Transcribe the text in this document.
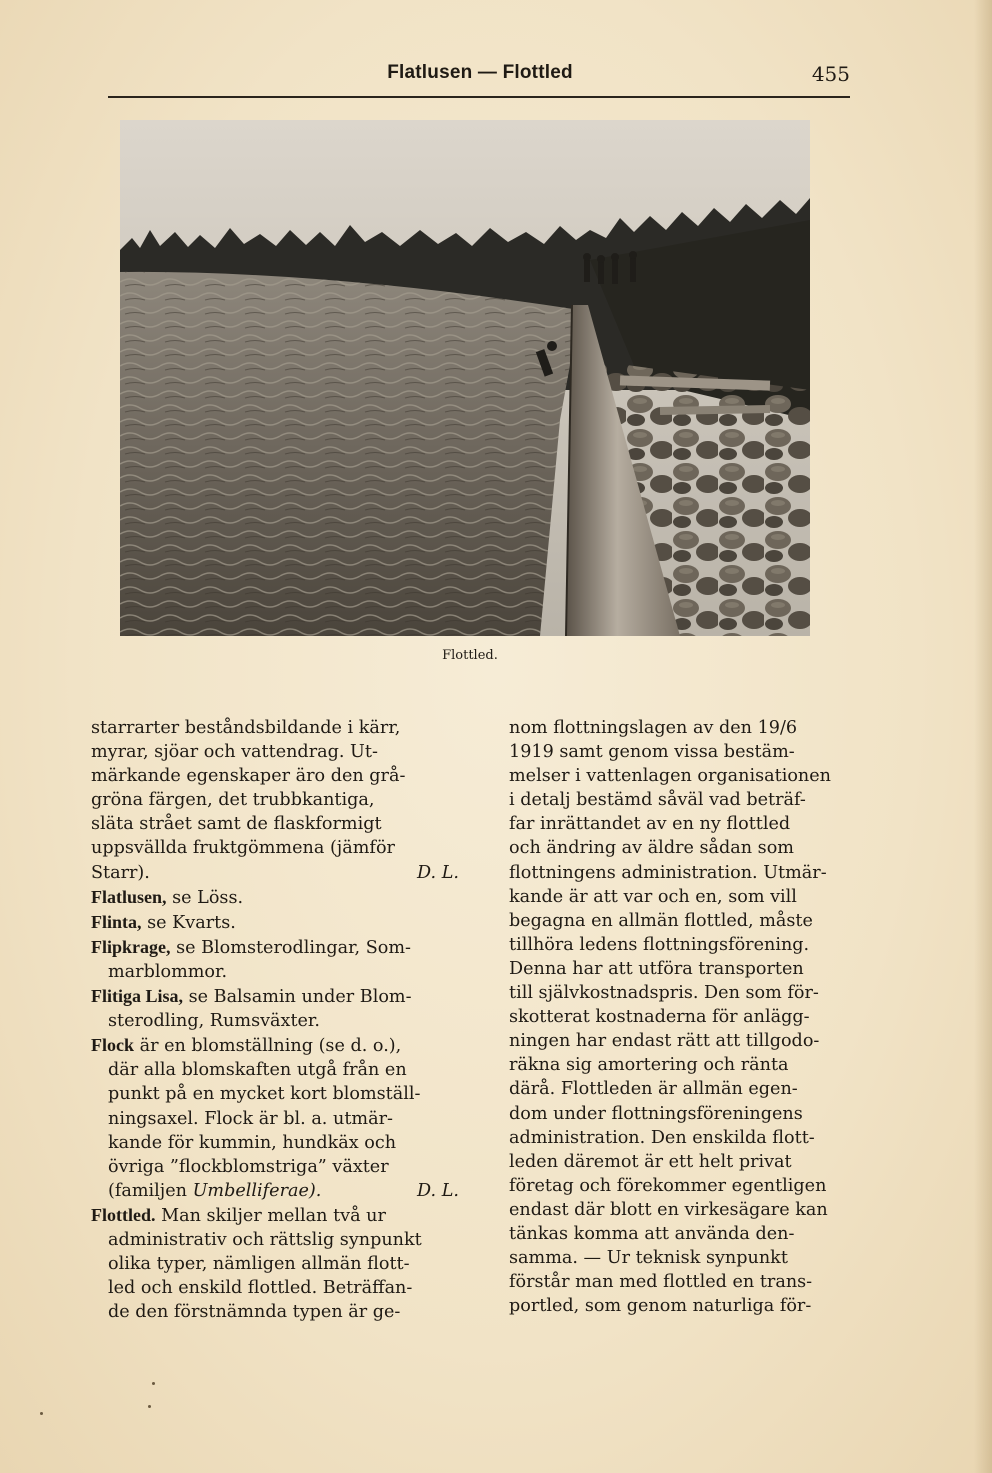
Flatlusen — Flottled	455
Flottled.

starrarter beståndsbildande i kärr,

myrar, sjöar och vattendrag. Ut-

märkande egenskaper äro den grå-

gröna färgen, det trubbkantiga,

släta strået samt de flaskformigt

uppsvällda fruktgömmena (jämför

Starr).	D. L.

Flatlusen, se Löss.

Flinta, se Kvarts.

Flipkrage, se Blomsterodlingar, Som-

marblommor.

Flitiga Lisa, se Balsamin under Blom-

sterodling, Rumsväxter.

Flock är en blomställning (se d. o.),

där alla blomskaften utgå från en

punkt på en mycket kort blomställ-

ningsaxel. Flock är bl. a. utmär-

kande för kummin, hundkäx och

övriga ”flockblomstriga” växter

(familjen Umbelliferae).	D. L.

Flottled. Man skiljer mellan två ur

administrativ och rättslig synpunkt

olika typer, nämligen allmän flott-

led och enskild flottled. Beträffan-

de den förstnämnda typen är ge-

nom flottningslagen av den 19/6

1919 samt genom vissa bestäm-

melser i vattenlagen organisationen

i detalj bestämd såväl vad beträf-

far inrättandet av en ny flottled

och ändring av äldre sådan som

flottningens administration. Utmär-

kande är att var och en, som vill

begagna en allmän flottled, måste

tillhöra ledens flottningsförening.

Denna har att utföra transporten

till självkostnadspris. Den som för-

skotterat kostnaderna för anlägg-

ningen har endast rätt att tillgodo-

räkna sig amortering och ränta

därå. Flottleden är allmän egen-

dom under flottningsföreningens

administration. Den enskilda flott-

leden däremot är ett helt privat

företag och förekommer egentligen

endast där blott en virkesägare kan

tänkas komma att använda den-

samma. — Ur teknisk synpunkt

förstår man med flottled en trans-

portled, som genom naturliga för-
